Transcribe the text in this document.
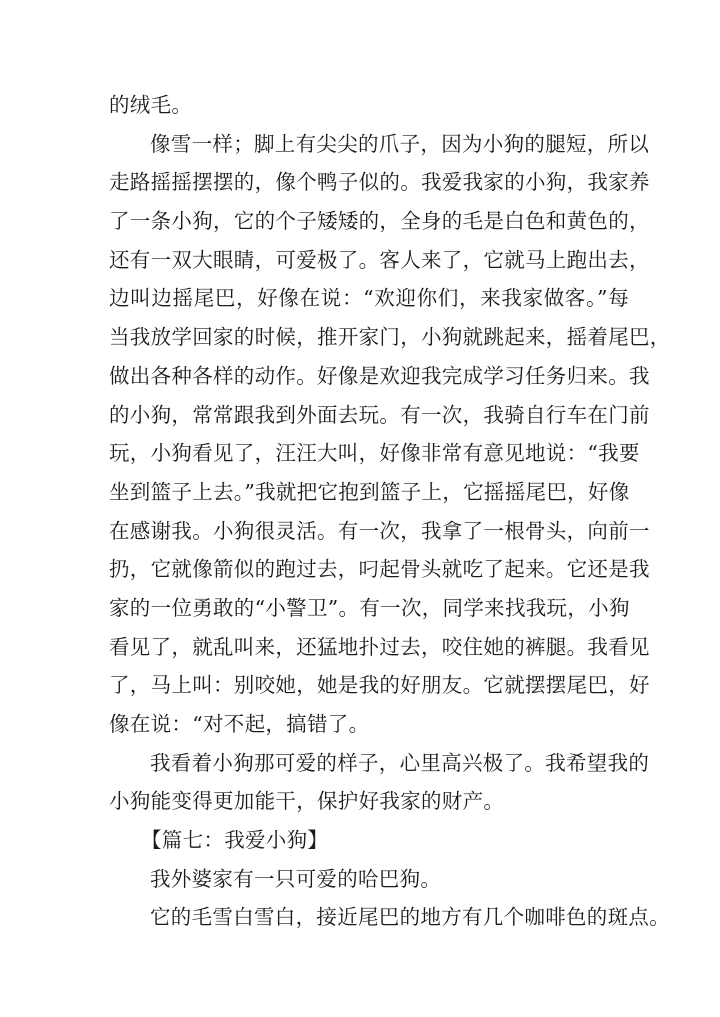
的绒毛。
像雪一样；脚上有尖尖的爪子，因为小狗的腿短，所以
走路摇摇摆摆的，像个鸭子似的。我爱我家的小狗，我家养
了一条小狗，它的个子矮矮的，全身的毛是白色和黄色的，
还有一双大眼睛，可爱极了。客人来了，它就马上跑出去，
边叫边摇尾巴，好像在说：“欢迎你们，来我家做客。”每
当我放学回家的时候，推开家门，小狗就跳起来，摇着尾巴，
做出各种各样的动作。好像是欢迎我完成学习任务归来。我
的小狗，常常跟我到外面去玩。有一次，我骑自行车在门前
玩，小狗看见了，汪汪大叫，好像非常有意见地说：“我要
坐到篮子上去。”我就把它抱到篮子上，它摇摇尾巴，好像
在感谢我。小狗很灵活。有一次，我拿了一根骨头，向前一
扔，它就像箭似的跑过去，叼起骨头就吃了起来。它还是我
家的一位勇敢的“小警卫”。有一次，同学来找我玩，小狗
看见了，就乱叫来，还猛地扑过去，咬住她的裤腿。我看见
了，马上叫：别咬她，她是我的好朋友。它就摆摆尾巴，好
像在说：“对不起，搞错了。
我看着小狗那可爱的样子，心里高兴极了。我希望我的
小狗能变得更加能干，保护好我家的财产。
【篇七：我爱小狗】
我外婆家有一只可爱的哈巴狗。
它的毛雪白雪白，接近尾巴的地方有几个咖啡色的斑点。
